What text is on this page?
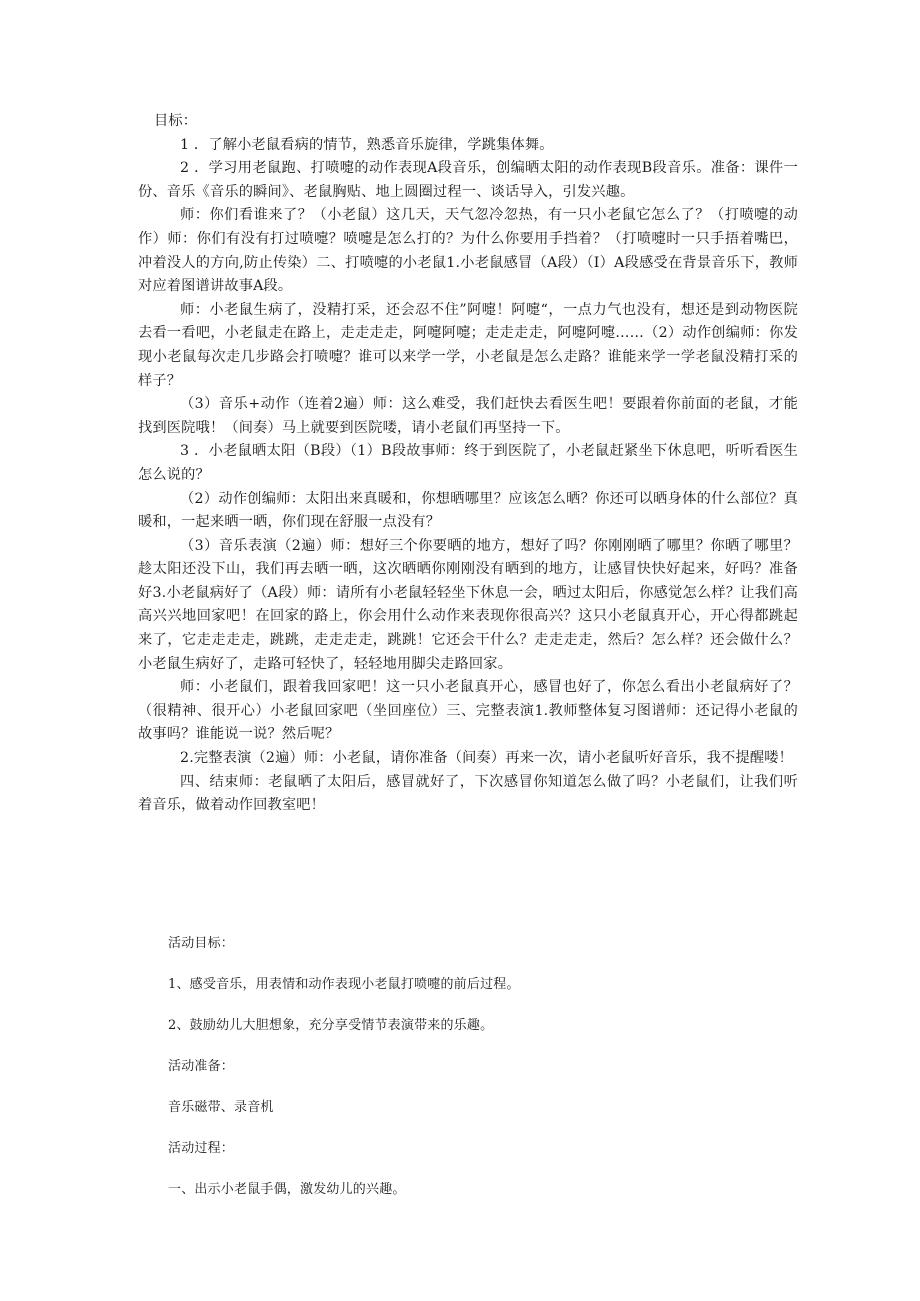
目标：

1 ．了解小老鼠看病的情节，熟悉音乐旋律，学跳集体舞。

2 ．学习用老鼠跑、打喷嚏的动作表现A段音乐，创编晒太阳的动作表现B段音乐。准备：课件一份、音乐《音乐的瞬间》、老鼠胸贴、地上圆圈过程一、谈话导入，引发兴趣。

师：你们看谁来了？（小老鼠）这几天，天气忽冷忽热，有一只小老鼠它怎么了？（打喷嚏的动作）师：你们有没有打过喷嚏？喷嚏是怎么打的？为什么你要用手挡着？（打喷嚏时一只手捂着嘴巴，冲着没人的方向,防止传染）二、打喷嚏的小老鼠1.小老鼠感冒（A段）（I）A段感受在背景音乐下，教师对应着图谱讲故事A段。

师：小老鼠生病了，没精打采，还会忍不住”阿嚏！阿嚏“，一点力气也没有，想还是到动物医院去看一看吧，小老鼠走在路上，走走走走，阿嚏阿嚏；走走走走，阿嚏阿嚏……（2）动作创编师：你发现小老鼠每次走几步路会打喷嚏？谁可以来学一学，小老鼠是怎么走路？谁能来学一学老鼠没精打采的样子？

（3）音乐+动作（连着2遍）师：这么难受，我们赶快去看医生吧！要跟着你前面的老鼠，才能找到医院哦！（间奏）马上就要到医院喽，请小老鼠们再坚持一下。

3 ．小老鼠晒太阳（B段）（1）B段故事师：终于到医院了，小老鼠赶紧坐下休息吧，听听看医生怎么说的？

（2）动作创编师：太阳出来真暖和，你想晒哪里？应该怎么晒？你还可以晒身体的什么部位？真暖和，一起来晒一晒，你们现在舒服一点没有？

（3）音乐表演（2遍）师：想好三个你要晒的地方，想好了吗？你刚刚晒了哪里？你晒了哪里？趁太阳还没下山，我们再去晒一晒，这次晒晒你刚刚没有晒到的地方，让感冒快快好起来，好吗？准备好3.小老鼠病好了（A段）师：请所有小老鼠轻轻坐下休息一会，晒过太阳后，你感觉怎么样？让我们高高兴兴地回家吧！在回家的路上，你会用什么动作来表现你很高兴？这只小老鼠真开心，开心得都跳起来了，它走走走走，跳跳，走走走走，跳跳！它还会干什么？走走走走，然后？怎么样？还会做什么？小老鼠生病好了，走路可轻快了，轻轻地用脚尖走路回家。

师：小老鼠们，跟着我回家吧！这一只小老鼠真开心，感冒也好了，你怎么看出小老鼠病好了？（很精神、很开心）小老鼠回家吧（坐回座位）三、完整表演1.教师整体复习图谱师：还记得小老鼠的故事吗？谁能说一说？然后呢？

2.完整表演（2遍）师：小老鼠，请你准备（间奏）再来一次，请小老鼠听好音乐，我不提醒喽！

四、结束师：老鼠晒了太阳后，感冒就好了，下次感冒你知道怎么做了吗？小老鼠们，让我们听着音乐，做着动作回教室吧！

活动目标：

1、感受音乐，用表情和动作表现小老鼠打喷嚏的前后过程。

2、鼓励幼儿大胆想象，充分享受情节表演带来的乐趣。

活动准备：

音乐磁带、录音机

活动过程：

一、出示小老鼠手偶，激发幼儿的兴趣。
